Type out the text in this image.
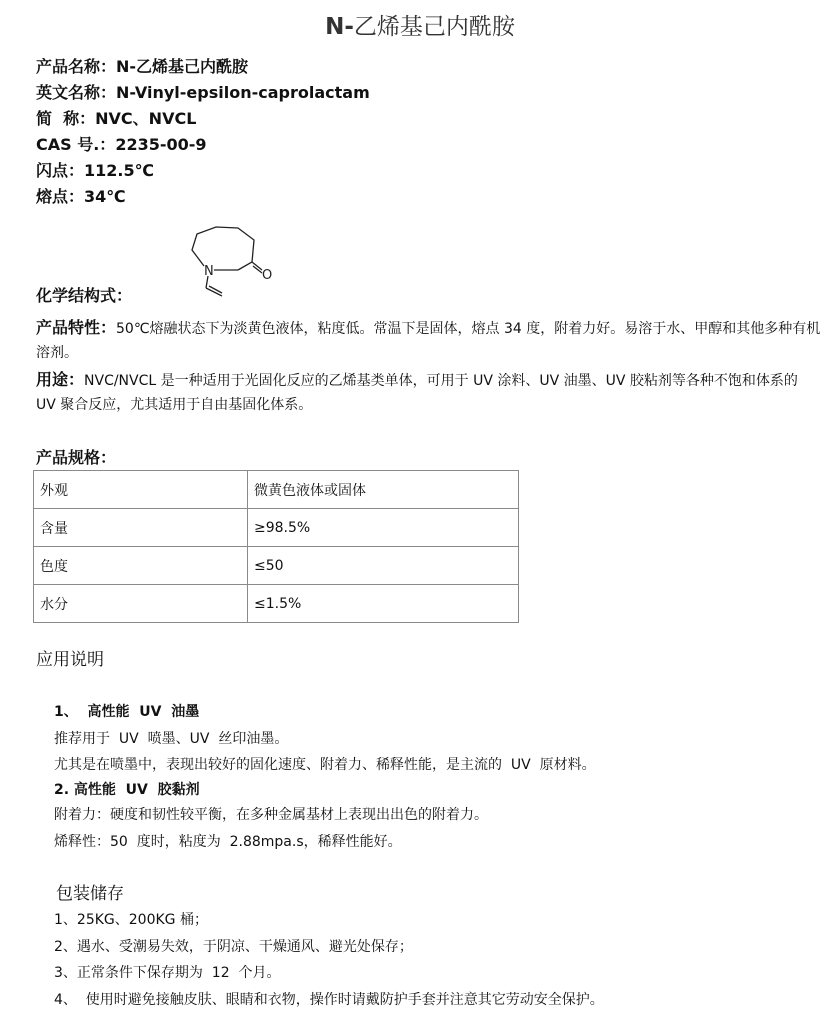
N-乙烯基己内酰胺
产品名称：N-乙烯基己内酰胺
英文名称：N-Vinyl-epsilon-caprolactam
简  称：NVC、NVCL
CAS 号.：2235-00-9
闪点：112.5℃
熔点：34℃
N	O
化学结构式：
产品特性：50℃熔融状态下为淡黄色液体，粘度低。常温下是固体，熔点 34 度，附着力好。易溶于水、甲醇和其他多种有机溶剂。
用途：NVC/NVCL 是一种适用于光固化反应的乙烯基类单体，可用于 UV 涂料、UV 油墨、UV 胶粘剂等各种不饱和体系的 UV 聚合反应，尤其适用于自由基固化体系。
产品规格：
外观	微黄色液体或固体
含量	≥98.5%
色度	≤50
水分	≤1.5%
应用说明
1、  高性能  UV  油墨
推荐用于  UV  喷墨、UV  丝印油墨。
尤其是在喷墨中，表现出较好的固化速度、附着力、稀释性能，是主流的  UV  原材料。
2. 高性能  UV  胶黏剂
附着力：硬度和韧性较平衡，在多种金属基材上表现出出色的附着力。
烯释性：50  度时，粘度为  2.88mpa.s，稀释性能好。
包装储存
1、25KG、200KG 桶；
2、遇水、受潮易失效，于阴凉、干燥通风、避光处保存；
3、正常条件下保存期为  12  个月。
4、  使用时避免接触皮肤、眼睛和衣物，操作时请戴防护手套并注意其它劳动安全保护。
